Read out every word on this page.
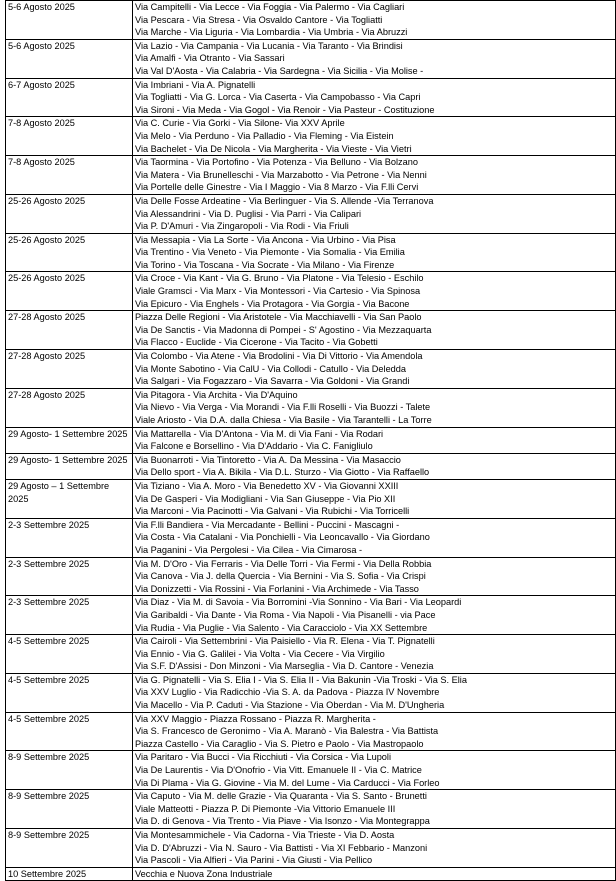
5-6 Agosto 2025	Via Campitelli - Via Lecce - Via Foggia - Via Palermo - Via Cagliari
Via Pescara - Via Stresa - Via Osvaldo Cantore - Via Togliatti
Via Marche - Via Liguria - Via Lombardia - Via Umbria - Via Abruzzi

5-6 Agosto 2025	Via Lazio - Via Campania - Via Lucania - Via Taranto - Via Brindisi
Via Amalfi - Via Otranto - Via Sassari
Via Val D'Aosta - Via Calabria - Via Sardegna - Via Sicilia - Via Molise -

6-7 Agosto 2025	Via Imbriani - Via A. Pignatelli
Via Togliatti - Via G. Lorca - Via Caserta - Via Campobasso - Via Capri
Via Sironi - Via Meda - Via Gogol - Via Renoir - Via Pasteur - Costituzione

7-8 Agosto 2025	Via C. Curie - Via Gorki - Via Silone- Via XXV Aprile
Via Melo - Via Perduno - Via Palladio - Via Fleming - Via Eistein
Via Bachelet - Via De Nicola - Via Margherita - Via Vieste - Via Vietri

7-8 Agosto 2025	Via Taormina - Via Portofino - Via Potenza - Via Belluno - Via Bolzano
Via Matera - Via Brunelleschi - Via Marzabotto - Via Petrone - Via Nenni
Via Portelle delle Ginestre - Via I Maggio - Via 8 Marzo - Via F.lli Cervi

25-26 Agosto 2025	Via Delle Fosse Ardeatine - Via Berlinguer - Via S. Allende -Via Terranova
Via Alessandrini - Via D. Puglisi - Via Parri - Via Calipari
Via P. D'Amuri - Via Zingaropoli - Via Rodi - Via Friuli

25-26 Agosto 2025	Via Messapia - Via La Sorte - Via Ancona - Via Urbino - Via Pisa
Via Trentino - Via Veneto - Via Piemonte - Via Somalia - Via Emilia
Via Torino - Via Toscana - Via Socrate - Via Milano - Via Firenze

25-26 Agosto 2025	Via Croce - Via Kant - Via G. Bruno - Via Platone - Via Telesio - Eschilo
Viale Gramsci - Via Marx - Via Montessori - Via Cartesio - Via Spinosa
Via Epicuro - Via Enghels - Via Protagora - Via Gorgia - Via Bacone

27-28 Agosto 2025	Piazza Delle Regioni - Via Aristotele - Via Macchiavelli - Via San Paolo
Via De Sanctis - Via Madonna di Pompei - S' Agostino - Via Mezzaquarta
Via Flacco - Euclide - Via Cicerone - Via Tacito - Via Gobetti

27-28 Agosto 2025	Via Colombo - Via Atene - Via Brodolini - Via Di Vittorio - Via Amendola
Via Monte Sabotino - Via CalU - Via Collodi - Catullo - Via Deledda
Via Salgari - Via Fogazzaro - Via Savarra - Via Goldoni - Via Grandi

27-28 Agosto 2025	Via Pitagora - Via Archita - Via D'Aquino
Via Nievo - Via Verga - Via Morandi - Via F.lli Roselli - Via Buozzi - Talete
Viale Ariosto - Via D.A. dalla Chiesa - Via Basile - Via Tarantelli - La Torre

29 Agosto- 1 Settembre 2025	Via Mattarella - Via D'Antona - Via M. di Via Fani - Via Rodari
Via Falcone e Borsellino - Via D'Addario - Via C. Fanigliulo

29 Agosto- 1 Settembre 2025	Via Buonarroti - Via Tintoretto - Via A. Da Messina - Via Masaccio
Via Dello sport - Via A. Bikila - Via D.L. Sturzo - Via Giotto - Via Raffaello

29 Agosto – 1 Settembre 2025	Via Tiziano - Via A. Moro - Via Benedetto XV - Via Giovanni XXIII
Via De Gasperi - Via Modigliani - Via San Giuseppe - Via Pio XII
Via Marconi - Via Pacinotti - Via Galvani - Via Rubichi - Via Torricelli

2-3 Settembre 2025	Via F.lli Bandiera - Via Mercadante - Bellini - Puccini - Mascagni -
Via Costa - Via Catalani - Via Ponchielli - Via Leoncavallo - Via Giordano
Via Paganini - Via Pergolesi - Via Cilea - Via Cimarosa -

2-3 Settembre 2025	Via M. D'Oro - Via Ferraris - Via Delle Torri - Via Fermi - Via Della Robbia
Via Canova - Via J. della Quercia - Via Bernini - Via S. Sofia - Via Crispi
Via Donizzetti - Via Rossini - Via Forlanini - Via Archimede - Via Tasso

2-3 Settembre 2025	Via Diaz - Via M. di Savoia - Via Borromini -Via Sonnino - Via Bari - Via Leopardi
Via Garibaldi - Via Dante - Via Roma - Via Napoli - Via Pisanelli - via Pace
Via Rudia - Via Puglie - Via Salento - Via Caracciolo - Via XX Settembre

4-5 Settembre 2025	Via Cairoli - Via Settembrini - Via Paisiello - Via R. Elena - Via T. Pignatelli
Via Ennio - Via G. Galilei - Via Volta - Via Cecere - Via Virgilio
Via S.F. D'Assisi - Don Minzoni - Via Marseglia - Via D. Cantore - Venezia

4-5 Settembre 2025	Via G. Pignatelli - Via S. Elia I - Via S. Elia II - Via Bakunin -Via Troski - Via S. Elia
Via XXV Luglio - Via Radicchio -Via S. A. da Padova - Piazza IV Novembre
Via Macello - Via P. Caduti - Via Stazione - Via Oberdan - Via M. D'Ungheria

4-5 Settembre 2025	Via XXV Maggio - Piazza Rossano - Piazza R. Margherita -
Via S. Francesco de Geronimo - Via A. Maranò - Via Balestra - Via Battista
Piazza Castello - Via Caraglio - Via S. Pietro e Paolo - Via Mastropaolo

8-9 Settembre 2025	Via Paritaro - Via Bucci - Via Ricchiuti - Via Corsica - Via Lupoli
Via De Laurentis - Via D'Onofrio - Via Vitt. Emanuele II - Via C. Matrice
Via Di Plama - Via G. Giovine - Via M. del Lume - Via Carducci - Via Forleo

8-9 Settembre 2025	Via Caputo - Via M. delle Grazie - Via Quaranta - Via S. Santo - Brunetti
Viale Matteotti - Piazza P. Di Piemonte -Via Vittorio Emanuele III
Via D. di Genova - Via Trento - Via Piave - Via Isonzo - Via Montegrappa

8-9 Settembre 2025	Via Montesammichele - Via Cadorna - Via Trieste - Via D. Aosta
Via D. D'Abruzzi - Via N. Sauro - Via Battisti - Via XI Febbario - Manzoni
Via Pascoli - Via Alfieri - Via Parini - Via Giusti - Via Pellico

10 Settembre 2025	Vecchia e Nuova Zona Industriale
